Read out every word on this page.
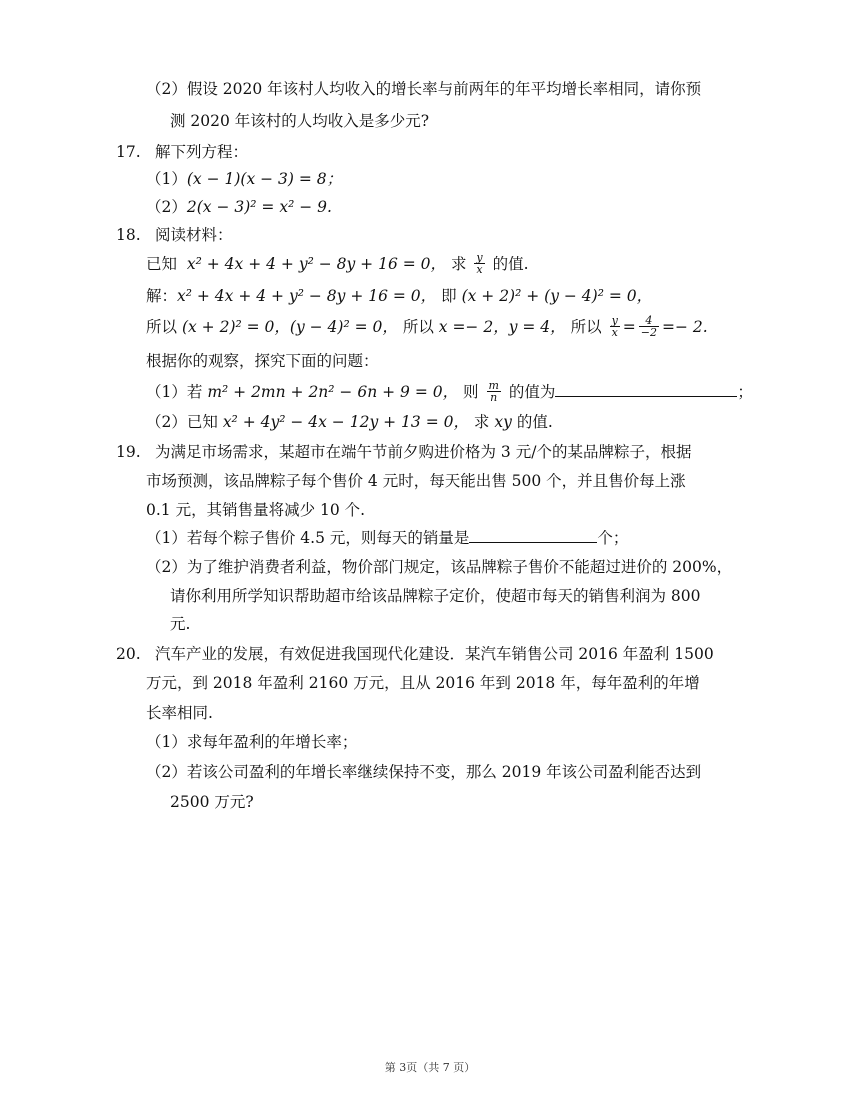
（2）假设 2020 年该村人均收入的增长率与前两年的年平均增长率相同，请你预
测 2020 年该村的人均收入是多少元?
17. 解下列方程：
（1）(x − 1)(x − 3) = 8；
（2）2(x − 3)² = x² − 9.
18. 阅读材料：
已知 x² + 4x + 4 + y² − 8y + 16 = 0， 求 $\frac{y}{x}$ 的值.
解：x² + 4x + 4 + y² − 8y + 16 = 0， 即 (x + 2)² + (y − 4)² = 0，
所以 (x + 2)² = 0，(y − 4)² = 0， 所以 x =− 2，y = 4， 所以 $\frac{y}{x} = \frac{4}{-2} =- 2$.
根据你的观察，探究下面的问题：
（1）若 m² + 2mn + 2n² − 6n + 9 = 0， 则 $\frac{m}{n}$ 的值为	；
（2）已知 x² + 4y² − 4x − 12y + 13 = 0， 求 xy 的值.
19. 为满足市场需求，某超市在端午节前夕购进价格为 3 元/个的某品牌粽子，根据
市场预测，该品牌粽子每个售价 4 元时，每天能出售 500 个，并且售价每上涨
0.1 元，其销售量将减少 10 个.
（1）若每个粽子售价 4.5 元，则每天的销量是	个；
（2）为了维护消费者利益，物价部门规定，该品牌粽子售价不能超过进价的 200%，
请你利用所学知识帮助超市给该品牌粽子定价，使超市每天的销售利润为 800
元.
20. 汽车产业的发展，有效促进我国现代化建设．某汽车销售公司 2016 年盈利 1500
万元，到 2018 年盈利 2160 万元，且从 2016 年到 2018 年，每年盈利的年增
长率相同.
（1）求每年盈利的年增长率；
（2）若该公司盈利的年增长率继续保持不变，那么 2019 年该公司盈利能否达到
2500 万元?
第 3页（共 7 页）
